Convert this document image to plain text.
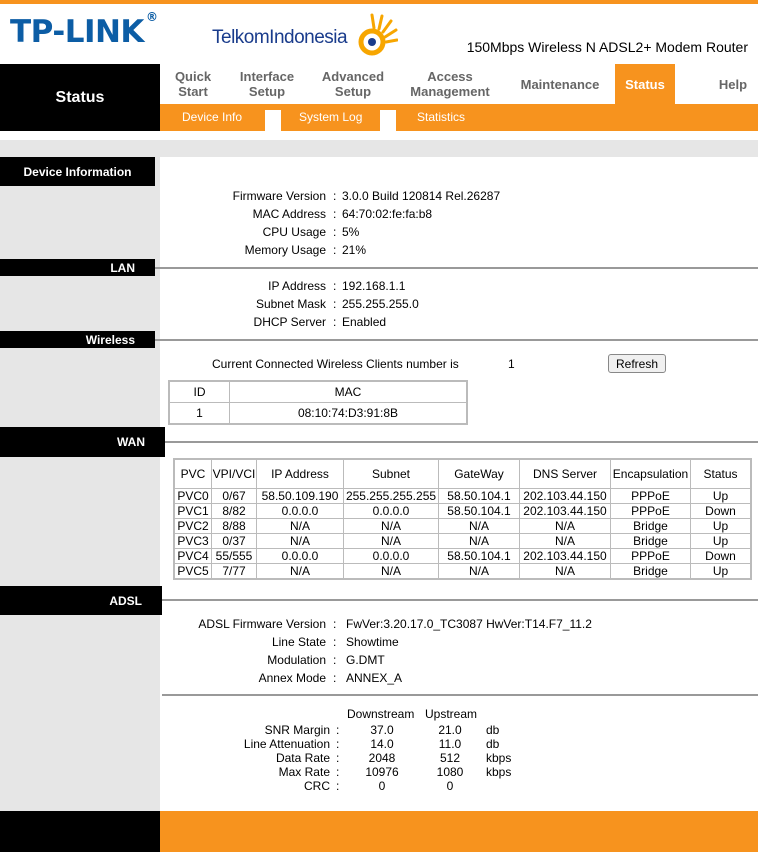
TP-LINK ®
TelkomIndonesia	150Mbps Wireless N ADSL2+ Modem Router
Status
Quick
Start
Interface
Setup
Advanced
Setup
Access
Management	Maintenance	Status	Help
Device Info	System Log	Statistics
Device Information
Firmware Version : 3.0.0 Build 120814 Rel.26287
MAC Address : 64:70:02:fe:fa:b8
CPU Usage : 5%
Memory Usage : 21%
LAN
IP Address : 192.168.1.1
Subnet Mask : 255.255.255.0
DHCP Server : Enabled
Wireless
Current Connected Wireless Clients number is	1	Refresh
ID	MAC
1	08:10:74:D3:91:8B
WAN
PVC	VPI/VCI	IP Address	Subnet	GateWay	DNS Server	Encapsulation	Status
PVC0	0/67	58.50.109.190	255.255.255.255	58.50.104.1	202.103.44.150	PPPoE	Up
PVC1	8/82	0.0.0.0	0.0.0.0	58.50.104.1	202.103.44.150	PPPoE	Down
PVC2	8/88	N/A	N/A	N/A	N/A	Bridge	Up
PVC3	0/37	N/A	N/A	N/A	N/A	Bridge	Up
PVC4	55/555	0.0.0.0	0.0.0.0	58.50.104.1	202.103.44.150	PPPoE	Down
PVC5	7/77	N/A	N/A	N/A	N/A	Bridge	Up
ADSL
ADSL Firmware Version : FwVer:3.20.17.0_TC3087 HwVer:T14.F7_11.2
Line State : Showtime
Modulation : G.DMT
Annex Mode : ANNEX_A
Downstream Upstream
SNR Margin :	37.0	21.0	db
Line Attenuation :	14.0	11.0	db
Data Rate :	2048	512	kbps
Max Rate :	10976	1080	kbps
CRC :	0	0
